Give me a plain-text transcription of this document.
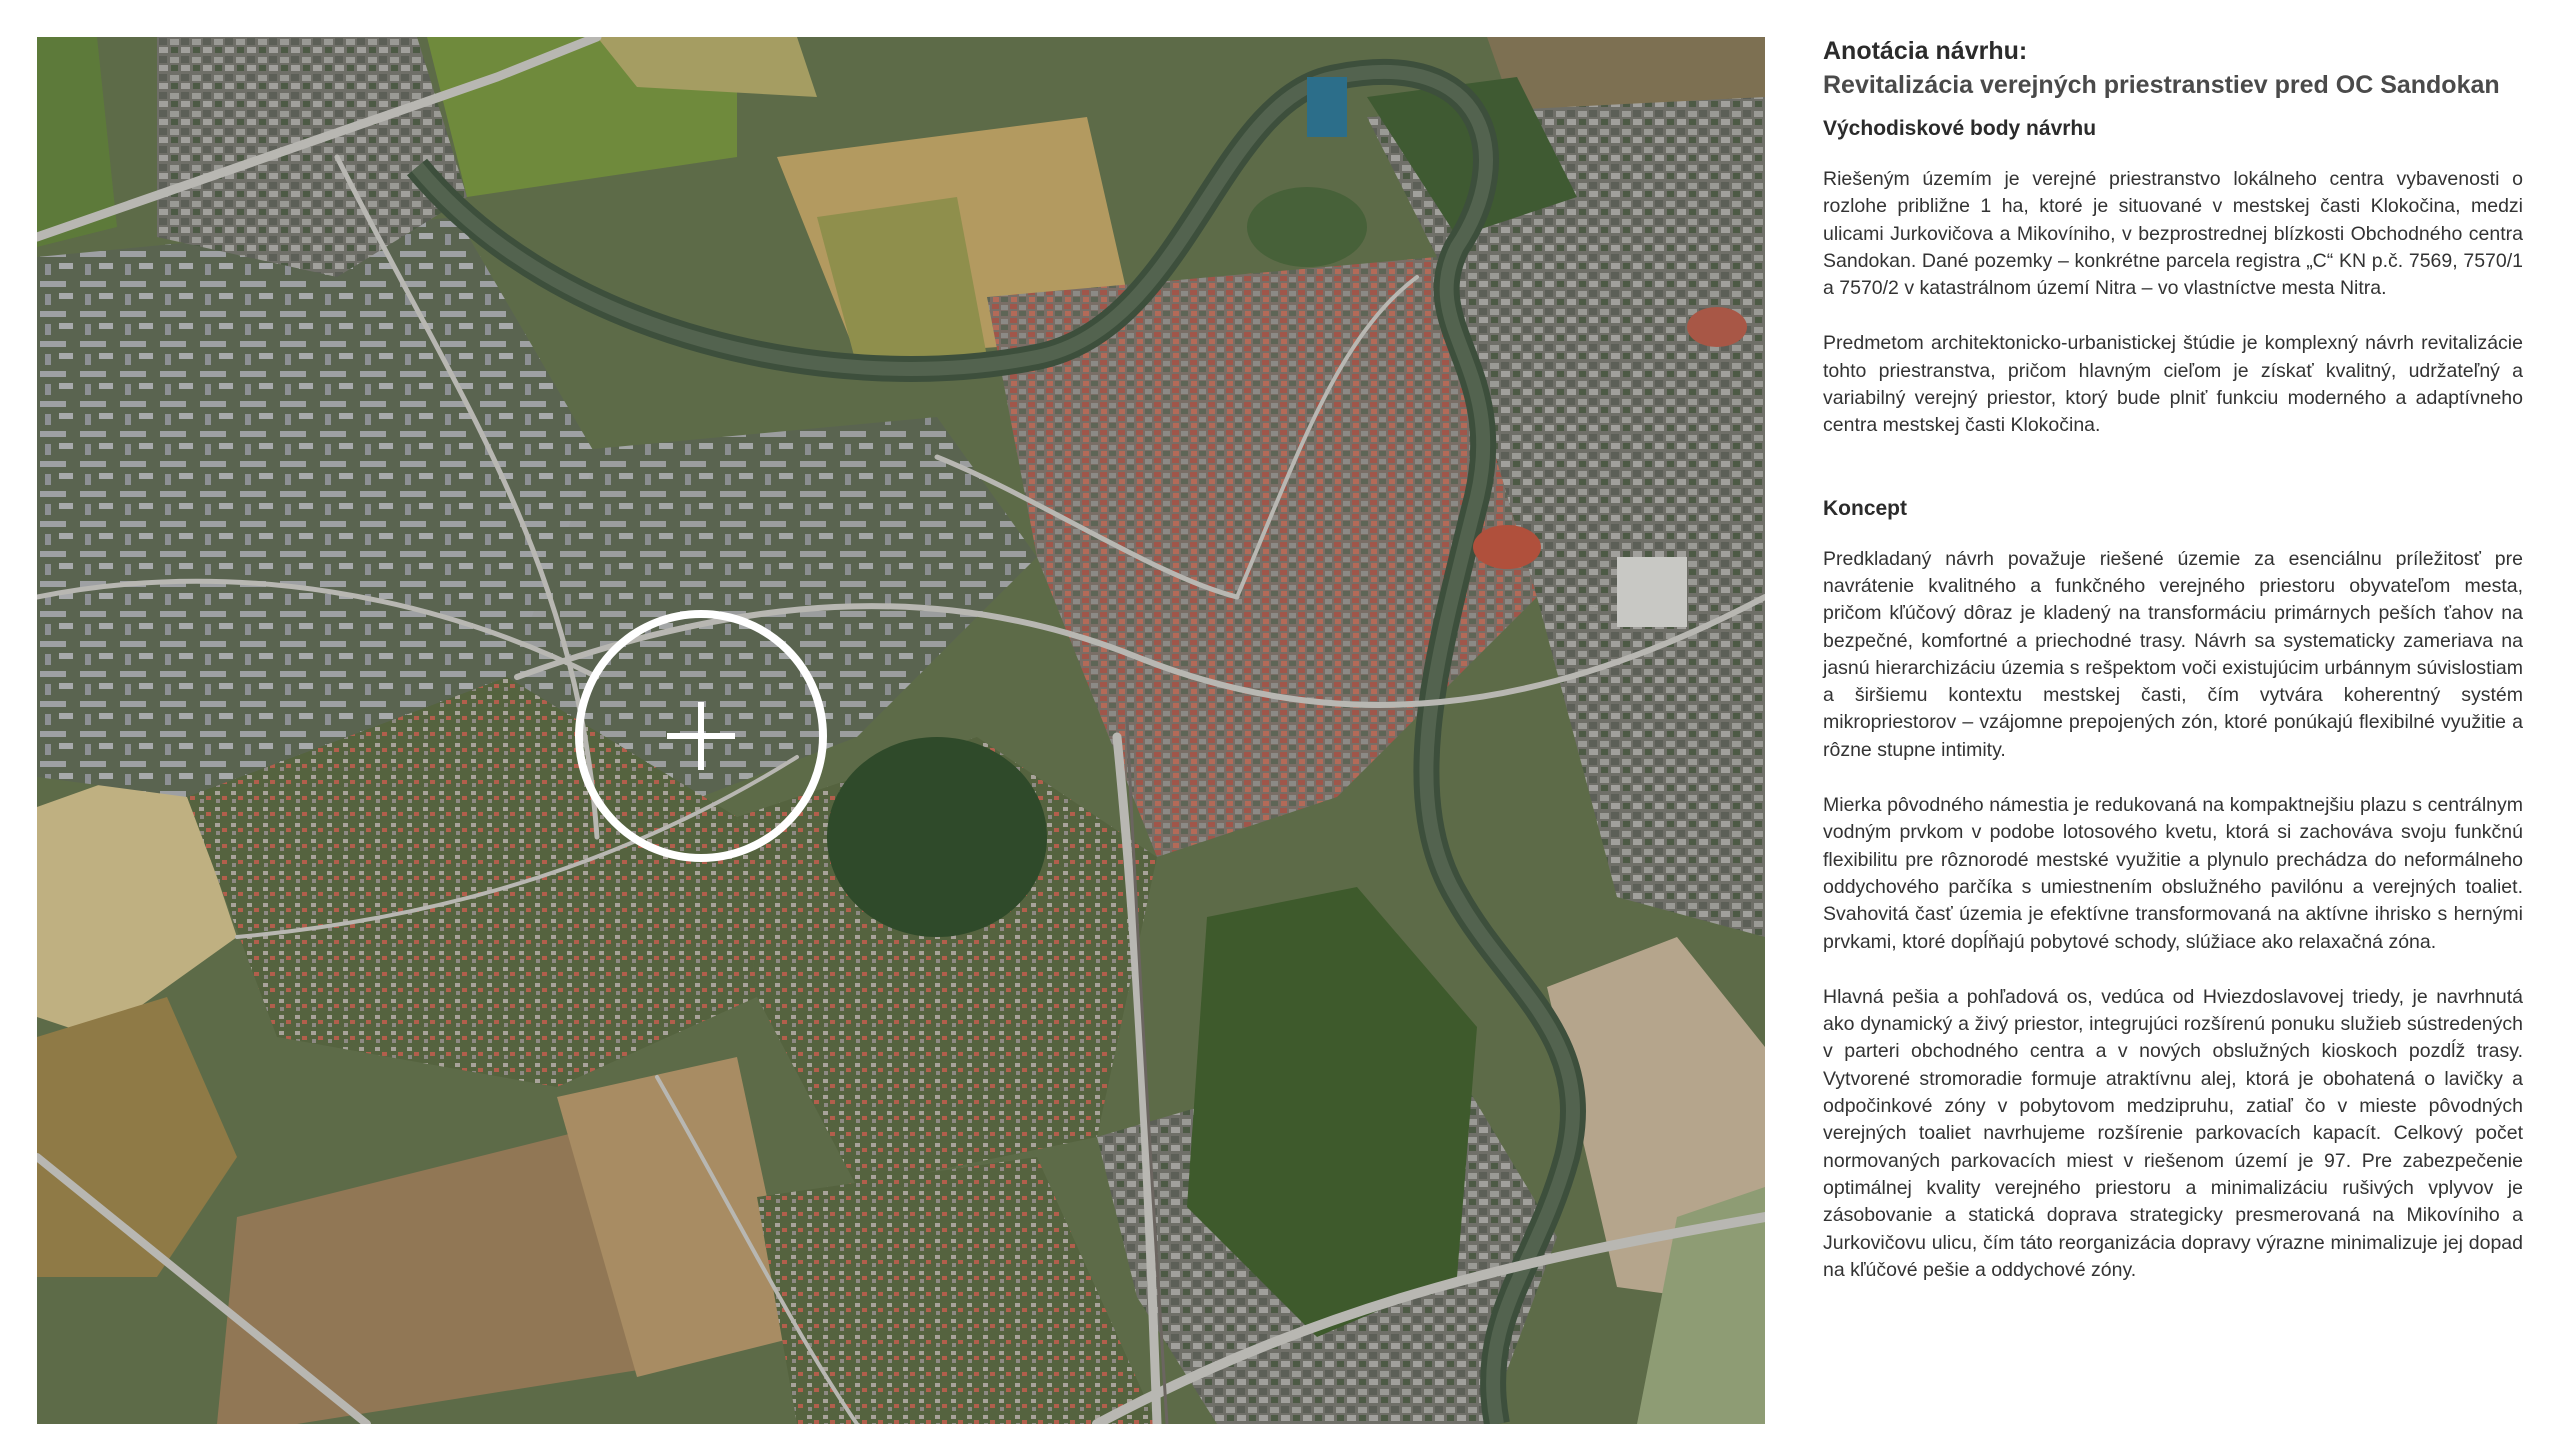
Anotácia návrhu:
Revitalizácia verejných priestranstiev pred OC Sandokan
Východiskové body návrhu

Riešeným územím je verejné priestranstvo lokálneho centra vybavenosti o rozlohe približne 1 ha, ktoré je situované v mestskej časti Klokočina, medzi ulicami Jurkovičova a Mikovíniho, v bezprostrednej blízkosti Obchodného centra Sandokan. Dané pozemky – konkrétne parcela registra „C“ KN p.č. 7569, 7570/1 a 7570/2 v katastrálnom území Nitra – vo vlastníctve mesta Nitra.

Predmetom architektonicko-urbanistickej štúdie je komplexný návrh revitalizácie tohto priestranstva, pričom hlavným cieľom je získať kvalitný, udržateľný a variabilný verejný priestor, ktorý bude plniť funkciu moderného a adaptívneho centra mestskej časti Klokočina.

Koncept

Predkladaný návrh považuje riešené územie za esenciálnu príležitosť pre navrátenie kvalitného a funkčného verejného priestoru obyvateľom mesta, pričom kľúčový dôraz je kladený na transformáciu primárnych peších ťahov na bezpečné, komfortné a priechodné trasy. Návrh sa systematicky zameriava na jasnú hierarchizáciu územia s rešpektom voči existujúcim urbánnym súvislostiam a širšiemu kontextu mestskej časti, čím vytvára koherentný systém mikropriestorov – vzájomne prepojených zón, ktoré ponúkajú flexibilné využitie a rôzne stupne intimity.

Mierka pôvodného námestia je redukovaná na kompaktnejšiu plazu s centrálnym vodným prvkom v podobe lotosového kvetu, ktorá si zachováva svoju funkčnú flexibilitu pre rôznorodé mestské využitie a plynulo prechádza do neformálneho oddychového parčíka s umiestnením obslužného pavilónu a verejných toaliet. Svahovitá časť územia je efektívne transformovaná na aktívne ihrisko s hernými prvkami, ktoré dopĺňajú pobytové schody, slúžiace ako relaxačná zóna.

Hlavná pešia a pohľadová os, vedúca od Hviezdoslavovej triedy, je navrhnutá ako dynamický a živý priestor, integrujúci rozšírenú ponuku služieb sústredených v parteri obchodného centra a v nových obslužných kioskoch pozdĺž trasy. Vytvorené stromoradie formuje atraktívnu alej, ktorá je obohatená o lavičky a odpočinkové zóny v pobytovom medzipruhu, zatiaľ čo v mieste pôvodných verejných toaliet navrhujeme rozšírenie parkovacích kapacít. Celkový počet normovaných parkovacích miest v riešenom území je 97. Pre zabezpečenie optimálnej kvality verejného priestoru a minimalizáciu rušivých vplyvov je zásobovanie a statická doprava strategicky presmerovaná na Mikovíniho a Jurkovičovu ulicu, čím táto reorganizácia dopravy výrazne minimalizuje jej dopad na kľúčové pešie a oddychové zóny.
